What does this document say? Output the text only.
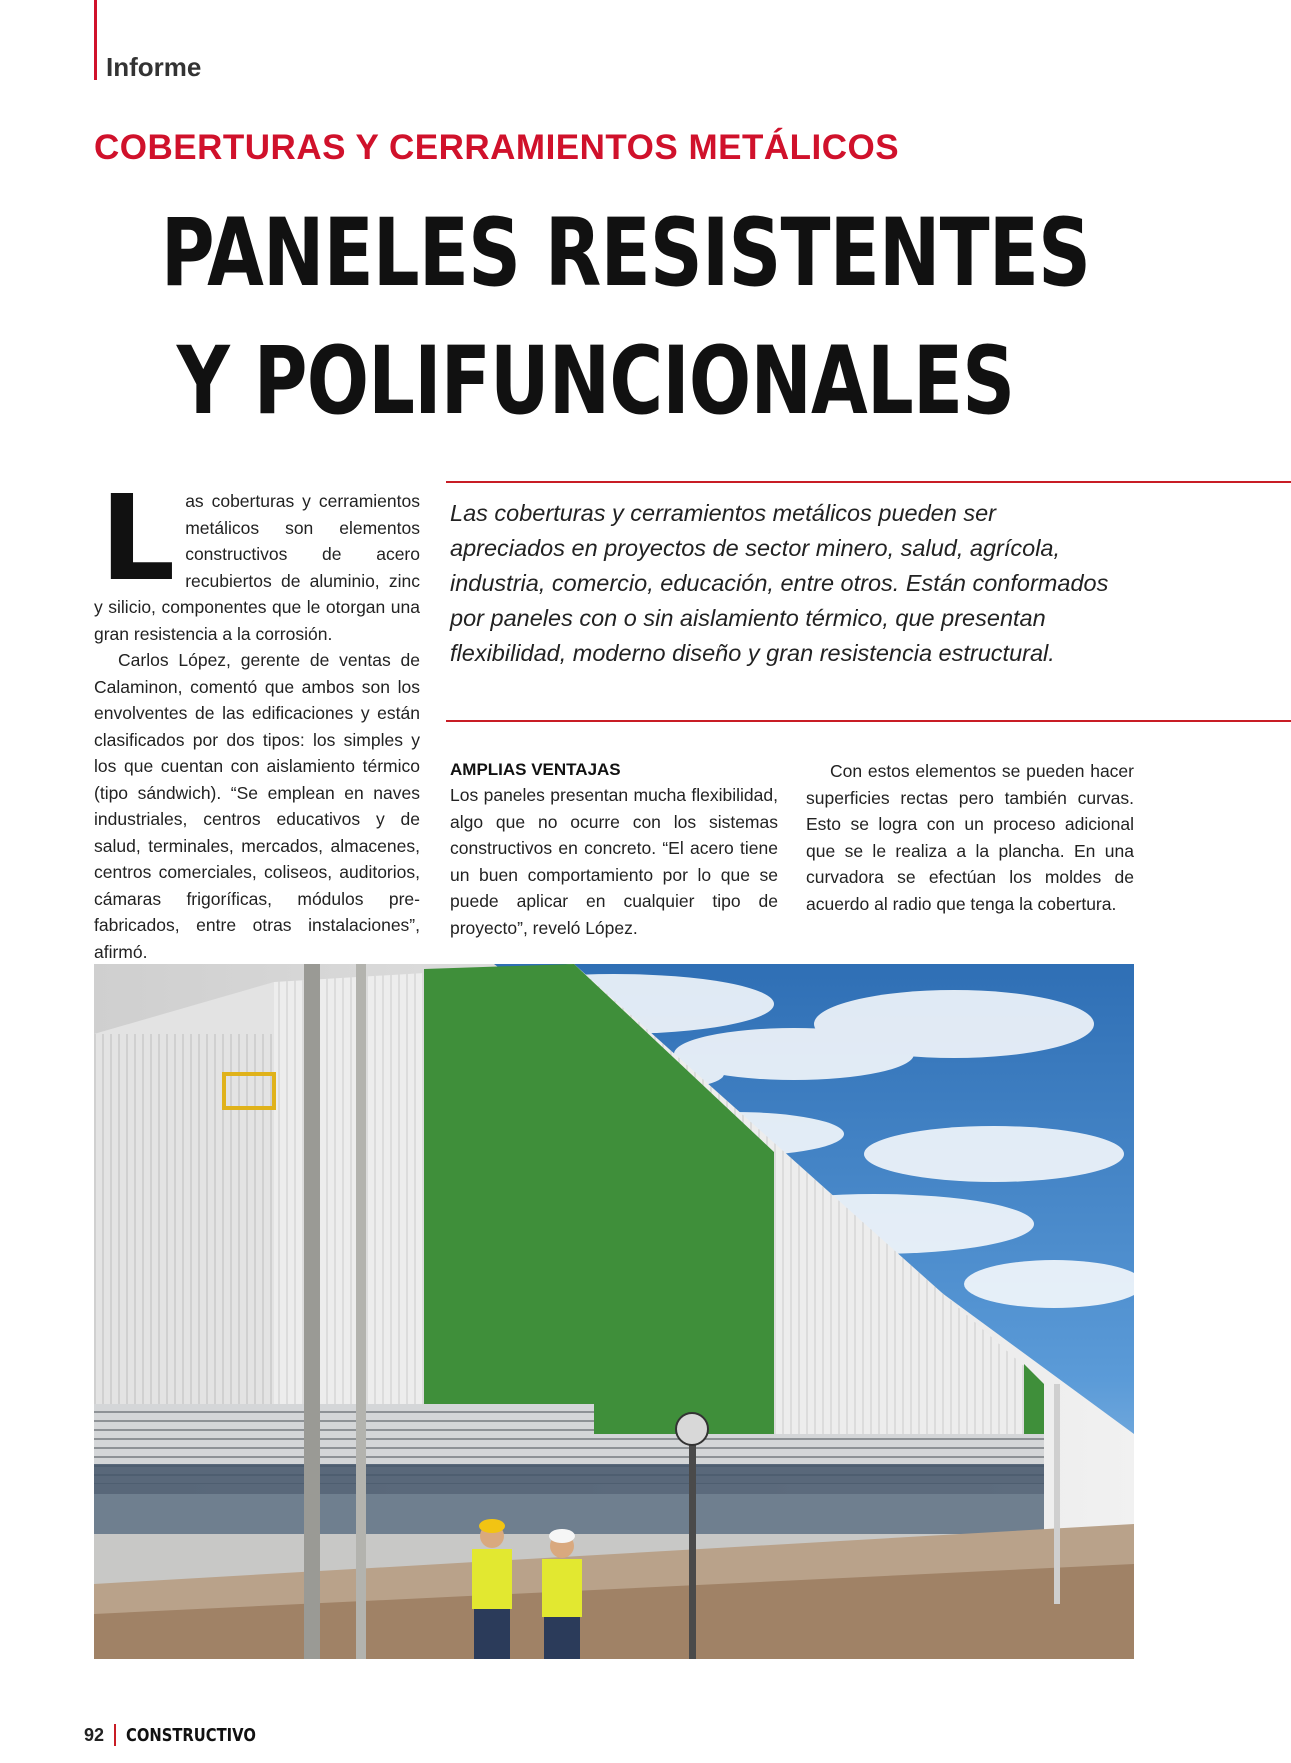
Informe
COBERTURAS Y CERRAMIENTOS METÁLICOS
PANELES RESISTENTES
Y POLIFUNCIONALES
L as coberturas y cerramientos metálicos son elementos constructivos de acero recubiertos de aluminio, zinc y silicio, componentes que le otorgan una gran resistencia a la corrosión.

Carlos López, gerente de ventas de Calaminon, comentó que ambos son los envolventes de las edificaciones y están clasificados por dos tipos: los simples y los que cuentan con aislamiento térmico (tipo sándwich). “Se emplean en naves industriales, centros educativos y de salud, terminales, mercados, almacenes, centros comerciales, coliseos, auditorios, cámaras frigoríficas, módulos pre-fabricados, entre otras instalaciones”, afirmó.

Las coberturas y cerramientos metálicos pueden ser apreciados en proyectos de sector minero, salud, agrícola, industria, comercio, educación, entre otros. Están conformados por paneles con o sin aislamiento térmico, que presentan flexibilidad, moderno diseño y gran resistencia estructural.
AMPLIAS VENTAJAS

Los paneles presentan mucha flexibilidad, algo que no ocurre con los sistemas constructivos en concreto. “El acero tiene un buen comportamiento por lo que se puede aplicar en cualquier tipo de proyecto”, reveló López.

Con estos elementos se pueden hacer superficies rectas pero también curvas. Esto se logra con un proceso adicional que se le realiza a la plancha. En una curvadora se efectúan los moldes de acuerdo al radio que tenga la cobertura.

92 CONSTRUCTIVO
